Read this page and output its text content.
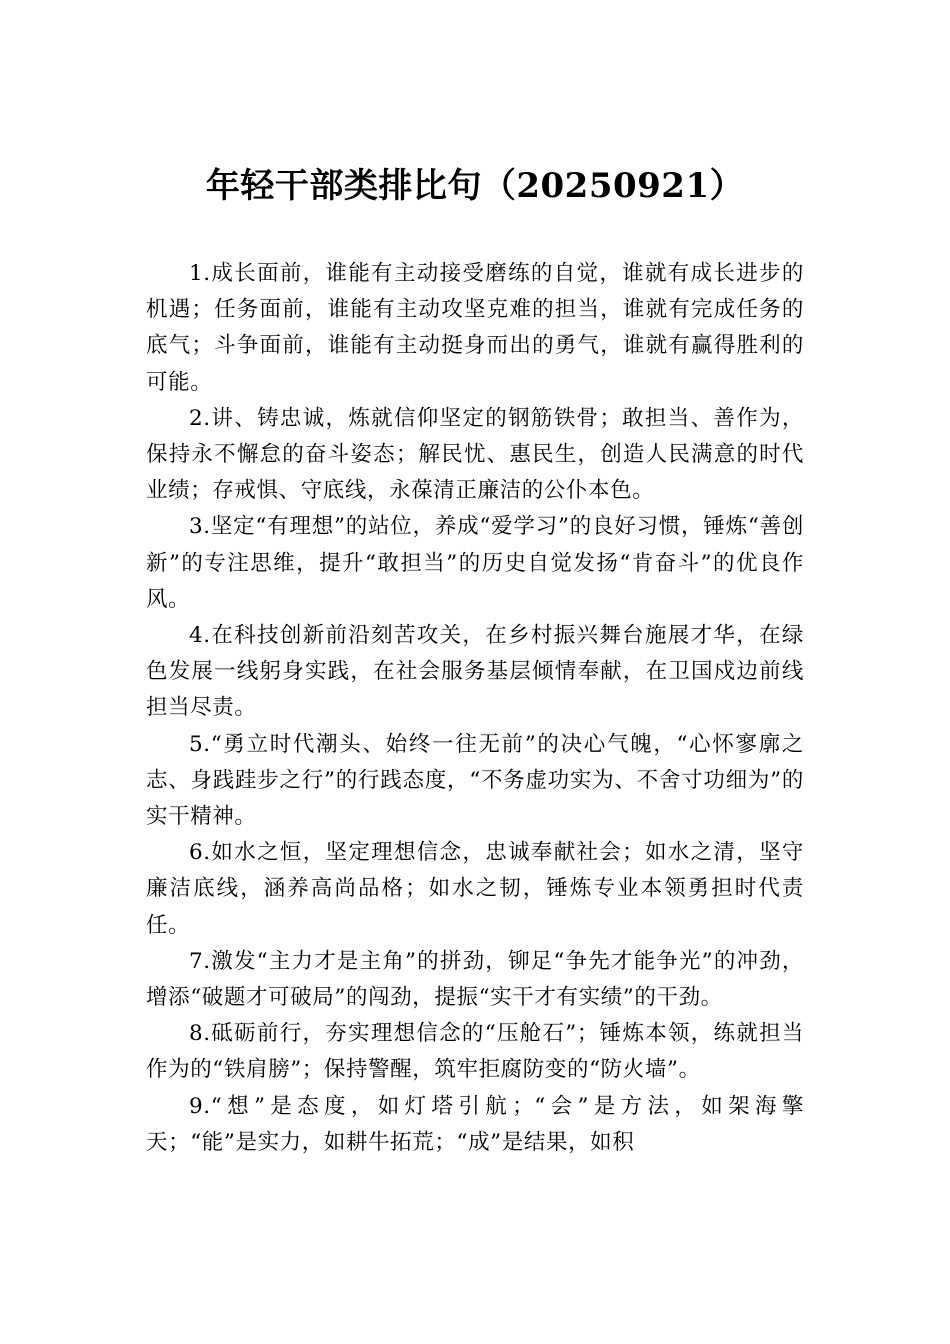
年轻干部类排比句（20250921）

1.成长面前，谁能有主动接受磨练的自觉，谁就有成长进步的机遇；任务面前，谁能有主动攻坚克难的担当，谁就有完成任务的底气；斗争面前，谁能有主动挺身而出的勇气，谁就有赢得胜利的可能。

2.讲、铸忠诚，炼就信仰坚定的钢筋铁骨；敢担当、善作为，保持永不懈怠的奋斗姿态；解民忧、惠民生，创造人民满意的时代业绩；存戒惧、守底线，永葆清正廉洁的公仆本色。

3.坚定“有理想”的站位，养成“爱学习”的良好习惯，锤炼“善创新”的专注思维，提升“敢担当”的历史自觉发扬“肯奋斗”的优良作风。

4.在科技创新前沿刻苦攻关，在乡村振兴舞台施展才华，在绿色发展一线躬身实践，在社会服务基层倾情奉献，在卫国戍边前线担当尽责。

5.“勇立时代潮头、始终一往无前”的决心气魄，“心怀寥廓之志、身践跬步之行”的行践态度，“不务虚功实为、不舍寸功细为”的实干精神。

6.如水之恒，坚定理想信念，忠诚奉献社会；如水之清，坚守廉洁底线，涵养高尚品格；如水之韧，锤炼专业本领勇担时代责任。

7.激发“主力才是主角”的拼劲，铆足“争先才能争光”的冲劲，增添“破题才可破局”的闯劲，提振“实干才有实绩”的干劲。

8.砥砺前行，夯实理想信念的“压舱石”；锤炼本领，练就担当作为的“铁肩膀”；保持警醒，筑牢拒腐防变的“防火墙”。

9.“想”是态度，如灯塔引航；“会”是方法，如架海擎天；“能”是实力，如耕牛拓荒；“成”是结果，如积
